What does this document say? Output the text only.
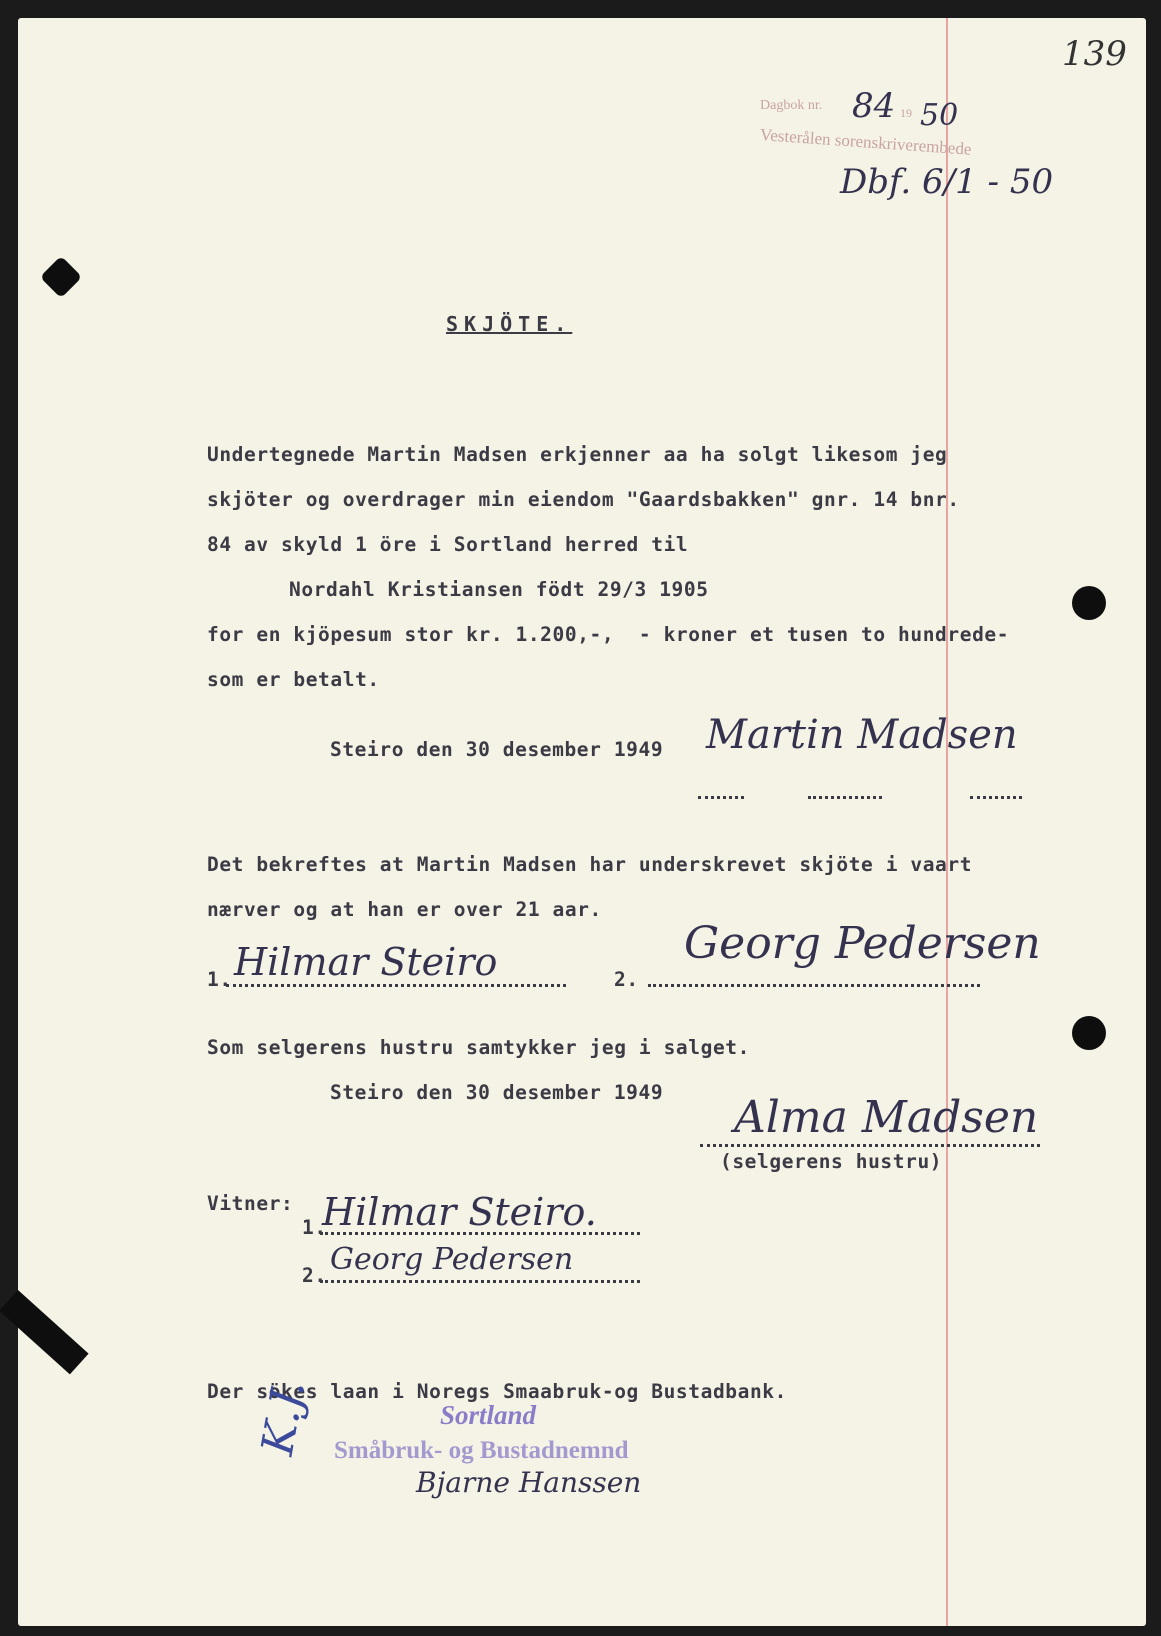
139
Dagbok nr. 84 19 50
Vesterålen sorenskriverembede
Dbf. 6/1 - 50
SKJÖTE.
Undertegnede Martin Madsen erkjenner aa ha solgt likesom jeg
skjöter og overdrager min eiendom "Gaardsbakken" gnr. 14 bnr.
84 av skyld 1 öre i Sortland herred til
Nordahl Kristiansen födt 29/3 1905
for en kjöpesum stor kr. 1.200,-,  - kroner et tusen to hundrede-
som er betalt.
Steiro den 30 desember 1949 Martin Madsen
Det bekreftes at Martin Madsen har underskrevet skjöte i vaart
nærver og at han er over 21 aar.
1. Hilmar Steiro	2.
Georg Pedersen
Som selgerens hustru samtykker jeg i salget.
Steiro den 30 desember 1949 Alma Madsen
(selgerens hustru)
Vitner:
1.
Hilmar Steiro.
2. Georg Pedersen
Der sökes laan i Noregs Smaabruk-og Bustadbank.
Sortland
Småbruk- og Bustadnemnd
Bjarne Hanssen
K.J.
